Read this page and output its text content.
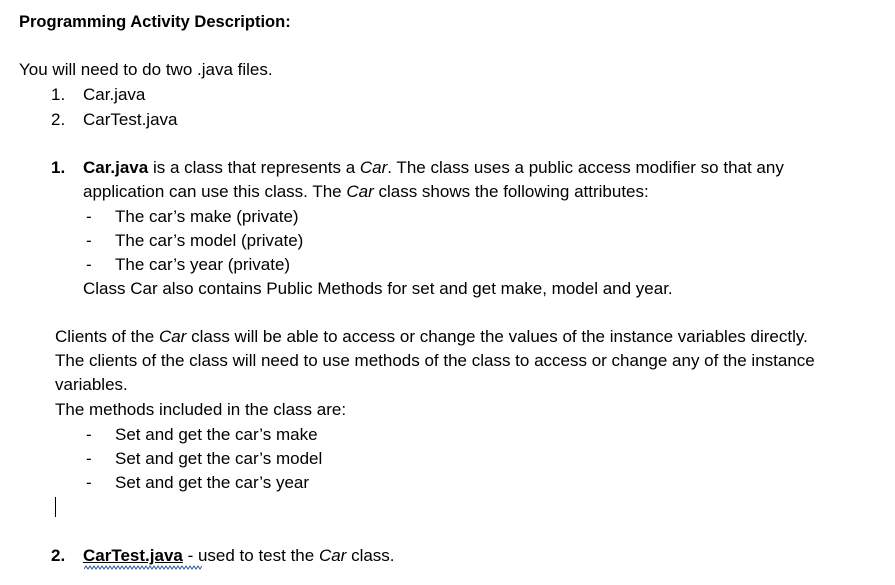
Programming Activity Description:
You will need to do two .java files.
1. Car.java
2. CarTest.java
1. Car.java is a class that represents a Car. The class uses a public access modifier so that any
application can use this class. The Car class shows the following attributes:
- The car’s make (private)
- The car’s model (private)
- The car’s year (private)
Class Car also contains Public Methods for set and get make, model and year.
Clients of the Car class will be able to access or change the values of the instance variables directly.
The clients of the class will need to use methods of the class to access or change any of the instance
variables.
The methods included in the class are:
- Set and get the car’s make
- Set and get the car’s model
- Set and get the car’s year
2. CarTest.java - used to test the Car class.
